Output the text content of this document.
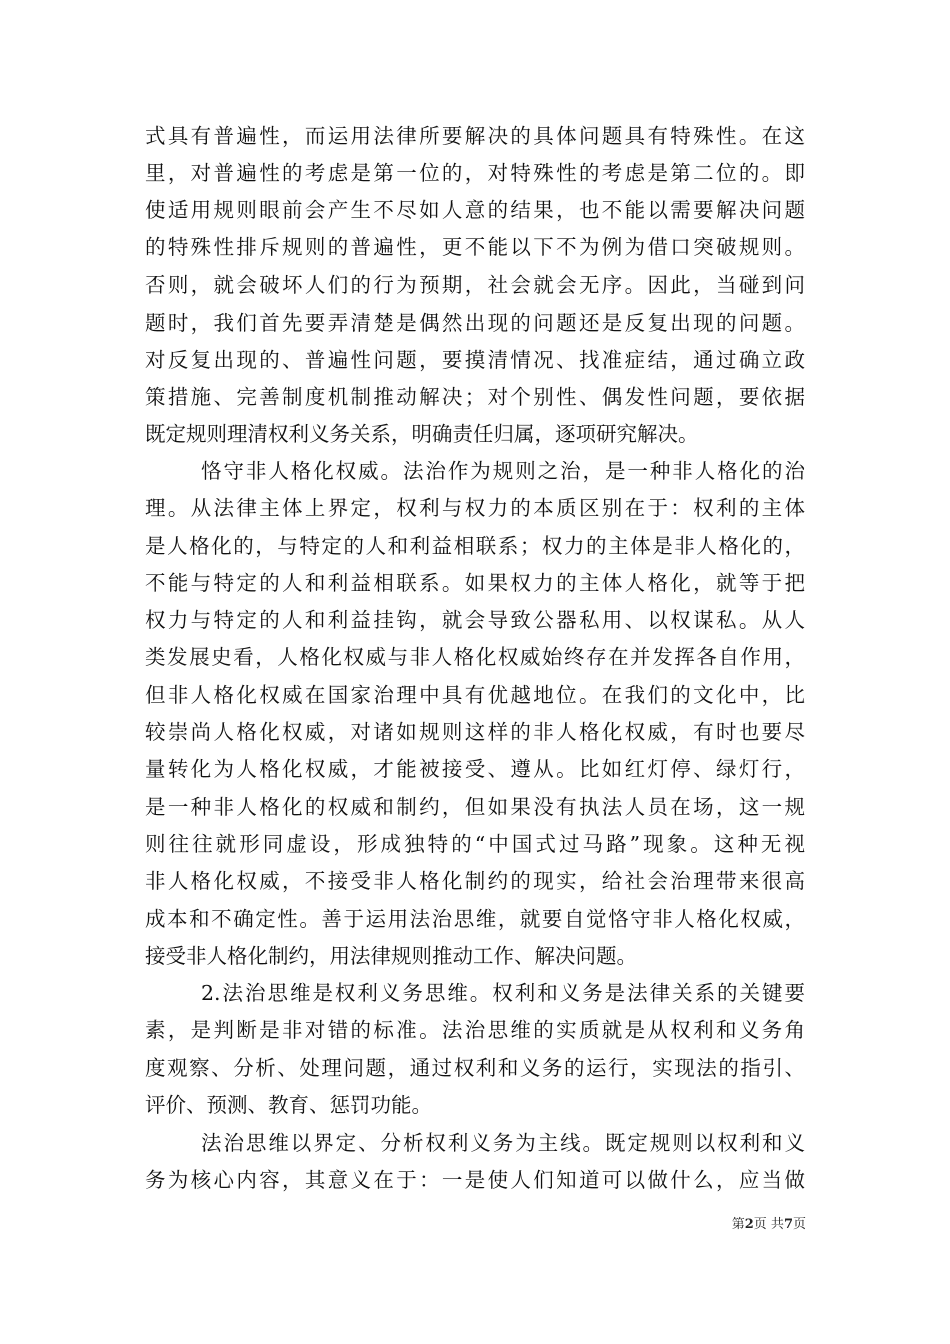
式具有普遍性，而运用法律所要解决的具体问题具有特殊性。在这
里，对普遍性的考虑是第一位的，对特殊性的考虑是第二位的。即
使适用规则眼前会产生不尽如人意的结果，也不能以需要解决问题
的特殊性排斥规则的普遍性，更不能以下不为例为借口突破规则。
否则，就会破坏人们的行为预期，社会就会无序。因此，当碰到问
题时，我们首先要弄清楚是偶然出现的问题还是反复出现的问题。
对反复出现的、普遍性问题，要摸清情况、找准症结，通过确立政
策措施、完善制度机制推动解决；对个别性、偶发性问题，要依据
既定规则理清权利义务关系，明确责任归属，逐项研究解决。
恪守非人格化权威。法治作为规则之治，是一种非人格化的治
理。从法律主体上界定，权利与权力的本质区别在于：权利的主体
是人格化的，与特定的人和利益相联系；权力的主体是非人格化的，
不能与特定的人和利益相联系。如果权力的主体人格化，就等于把
权力与特定的人和利益挂钩，就会导致公器私用、以权谋私。从人
类发展史看，人格化权威与非人格化权威始终存在并发挥各自作用，
但非人格化权威在国家治理中具有优越地位。在我们的文化中，比
较崇尚人格化权威，对诸如规则这样的非人格化权威，有时也要尽
量转化为人格化权威，才能被接受、遵从。比如红灯停、绿灯行，
是一种非人格化的权威和制约，但如果没有执法人员在场，这一规
则往往就形同虚设，形成独特的“中国式过马路”现象。这种无视
非人格化权威，不接受非人格化制约的现实，给社会治理带来很高
成本和不确定性。善于运用法治思维，就要自觉恪守非人格化权威，
接受非人格化制约，用法律规则推动工作、解决问题。
2.法治思维是权利义务思维。权利和义务是法律关系的关键要
素，是判断是非对错的标准。法治思维的实质就是从权利和义务角
度观察、分析、处理问题，通过权利和义务的运行，实现法的指引、
评价、预测、教育、惩罚功能。
法治思维以界定、分析权利义务为主线。既定规则以权利和义
务为核心内容，其意义在于：一是使人们知道可以做什么，应当做
第2页 共7页
